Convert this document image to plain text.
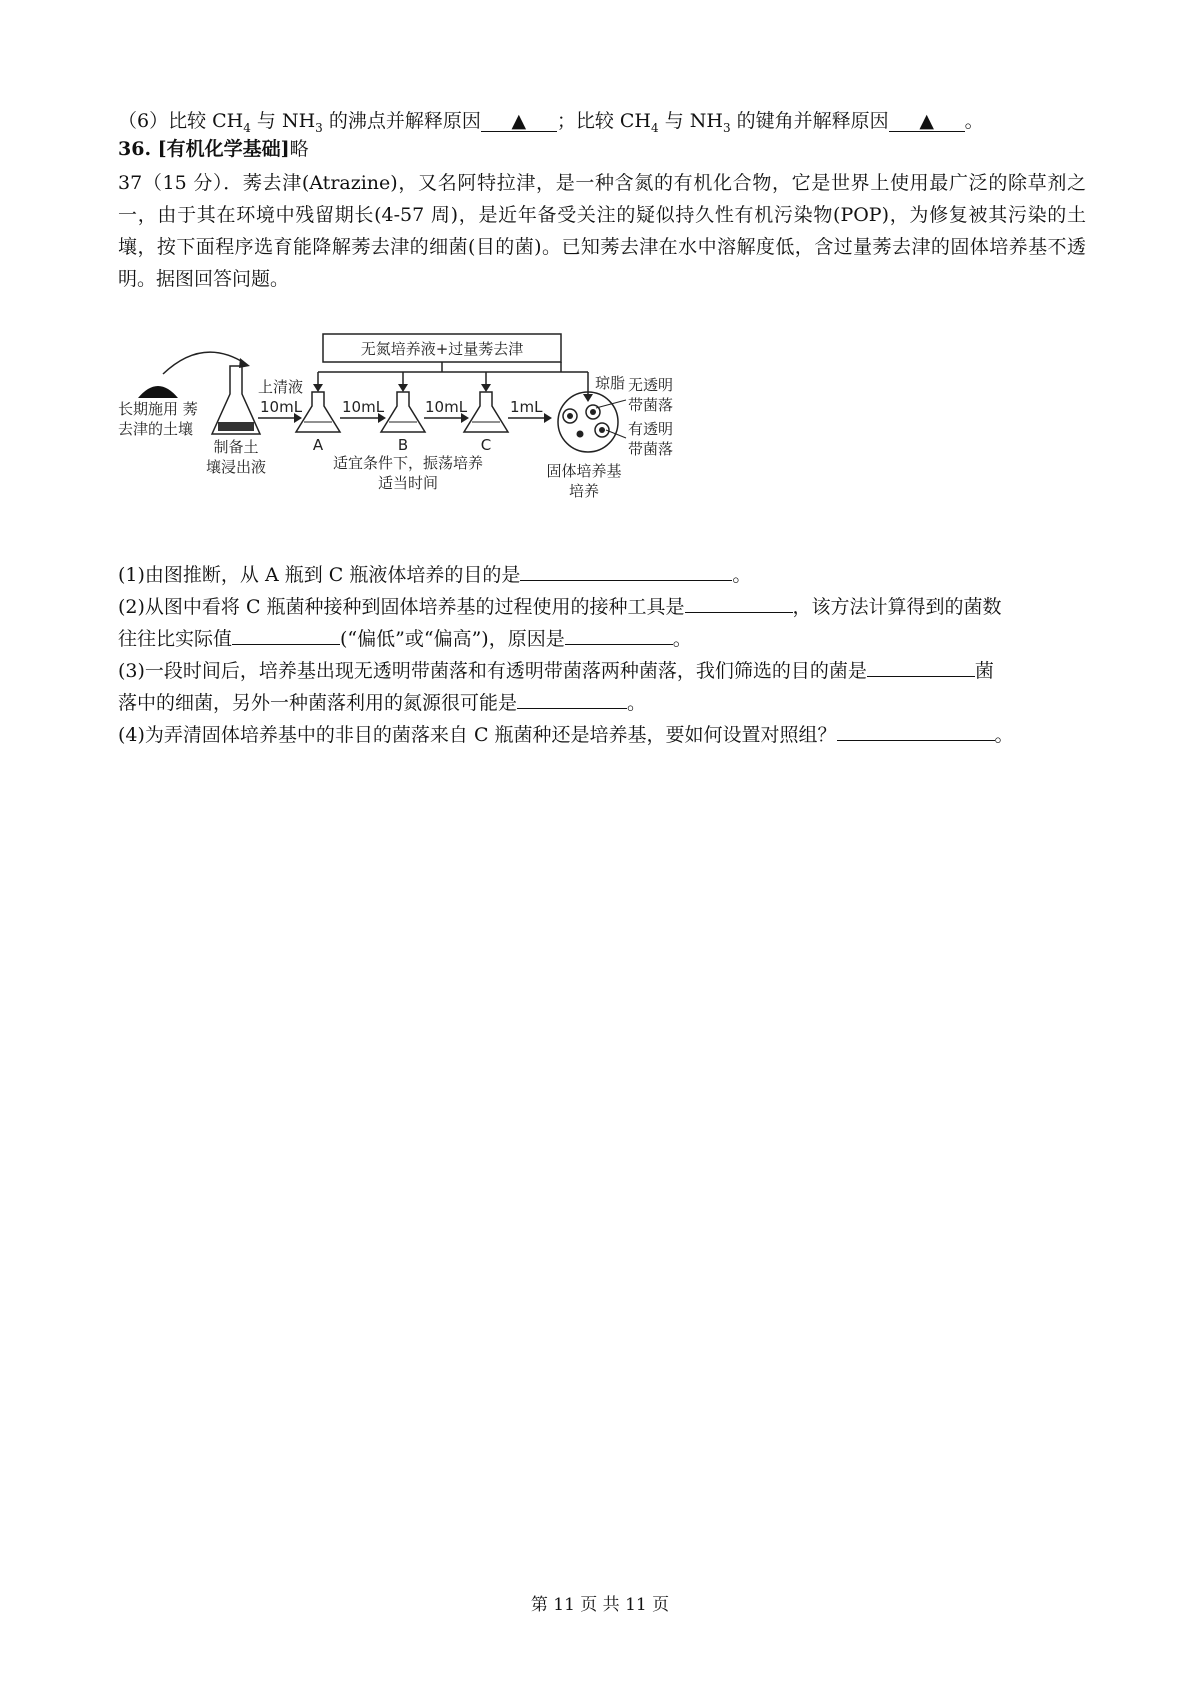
（6）比较 $CH_4$ 与 $NH_3$ 的沸点并解释原因 ▲ ；比较 $CH_4$ 与 $NH_3$ 的键角并解释原因 ▲ 。
36. [有机化学基础]略
37（15 分）．莠去津(Atrazine)，又名阿特拉津，是一种含氮的有机化合物，它是世界上使用最广泛的除草剂之一，由于其在环境中残留期长(4-57 周)，是近年备受关注的疑似持久性有机污染物(POP)，为修复被其污染的土壤，按下面程序选育能降解莠去津的细菌(目的菌)。已知莠去津在水中溶解度低，含过量莠去津的固体培养基不透明。据图回答问题。
无氮培养液+过量莠去津
琼脂
长期施用 莠
去津的土壤
制备土
壤浸出液
上清液
10mL
A
10mL
B
10mL
C
1mL
适宜条件下，振荡培养
适当时间
无透明
带菌落
有透明
带菌落
固体培养基
培养
(1)由图推断，从 A 瓶到 C 瓶液体培养的目的是	。
(2)从图中看将 C 瓶菌种接种到固体培养基的过程使用的接种工具是	，该方法计算得到的菌数
往往比实际值	(“偏低”或“偏高”)，原因是	。
(3)一段时间后，培养基出现无透明带菌落和有透明带菌落两种菌落，我们筛选的目的菌是	菌
落中的细菌，另外一种菌落利用的氮源很可能是	。
(4)为弄清固体培养基中的非目的菌落来自 C 瓶菌种还是培养基，要如何设置对照组？	。
第 11 页 共 11 页
